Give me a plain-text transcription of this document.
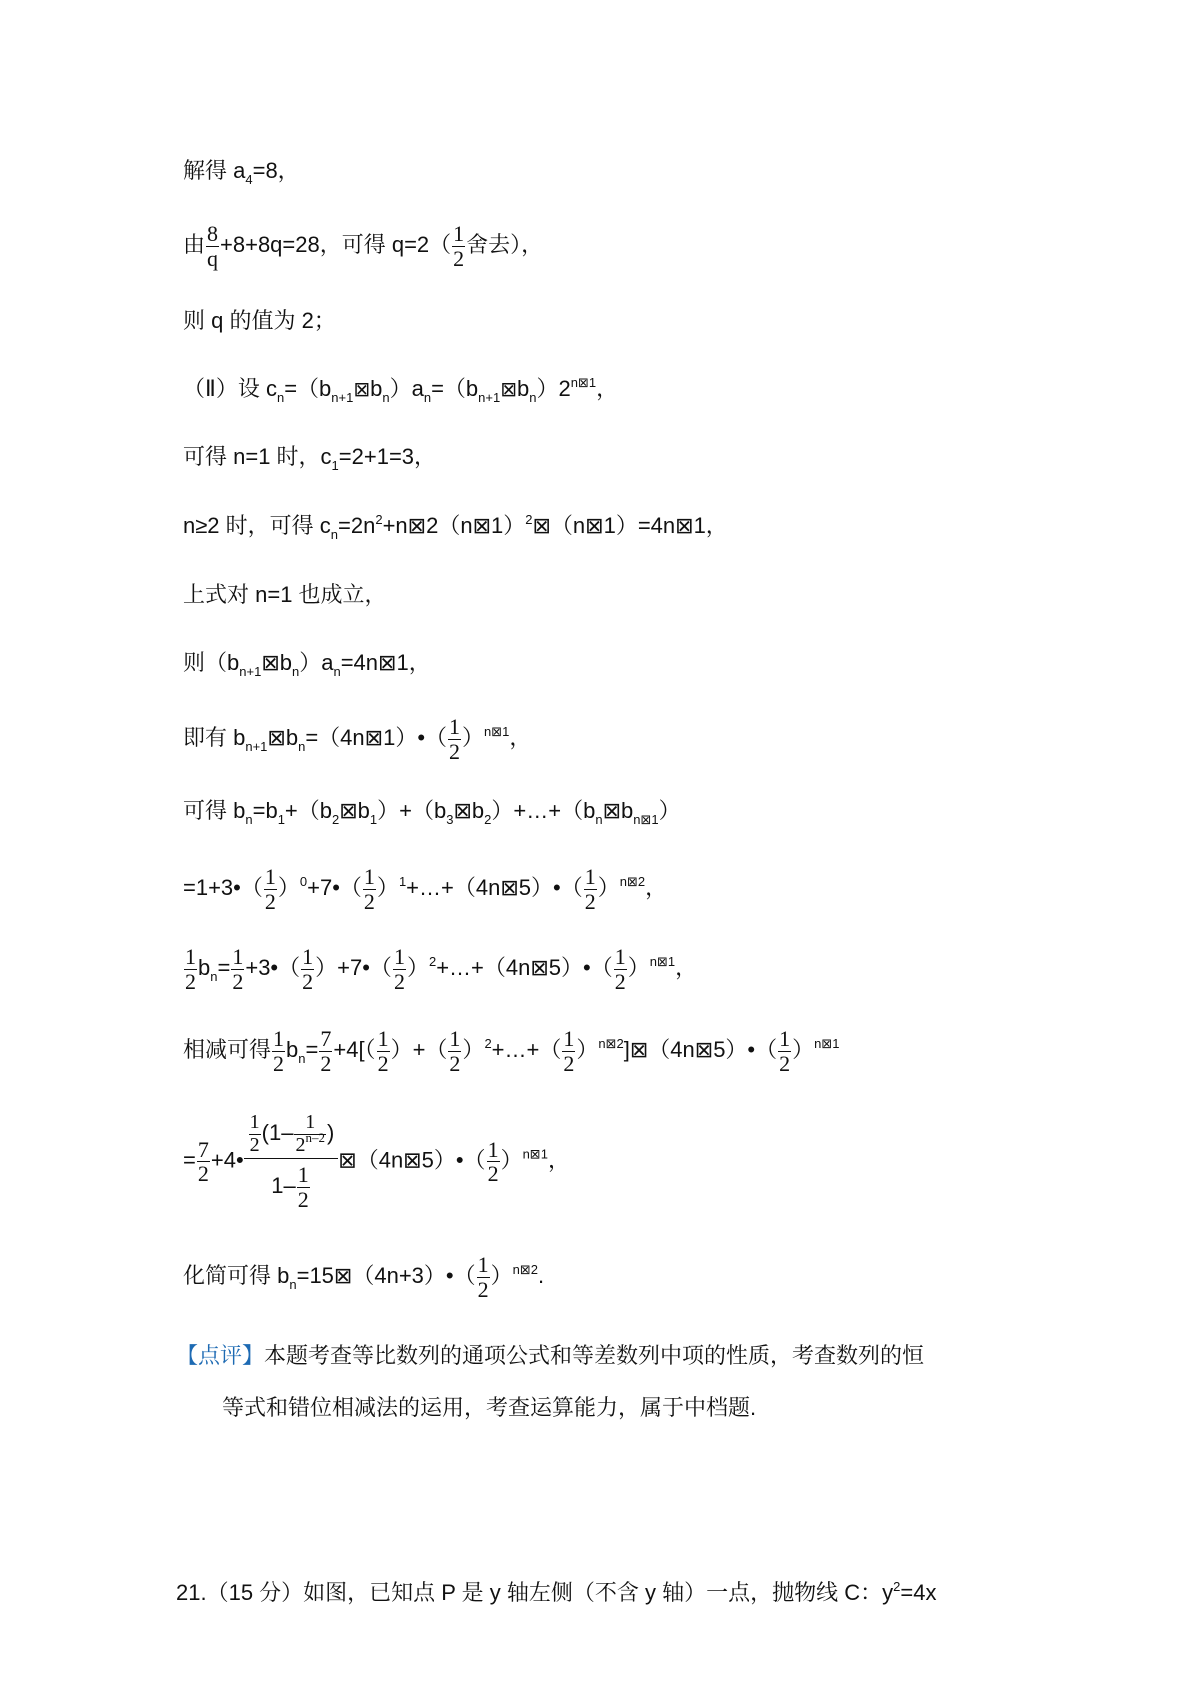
解得 $a_4=8$，
由 $\frac{8}{q} +8+8q=28$，可得 $q=2( \frac{1}{2}$ 舍去），
则 q 的值为 2；
（Ⅱ）设 $c_n=(b_{n+1}⊠b_n)a_n=(b_{n+1}⊠b_n)2^{n⊠1}$，
可得 n=1 时，$c_1=2+1=3$，
n≥2 时，可得 $c_n=2n^2+n⊠2(n⊠1)^2⊠(n⊠1)=4n⊠1$，
上式对 n=1 也成立，
则$(b_{n+1}⊠b_n)a_n=4n⊠1$，
即有 $b_{n+1}⊠b_n=(4n⊠1)•( \frac{1}{2} )^{n⊠1}$，
可得 $b_n=b_1+(b_2⊠b_1)+(b_3⊠b_2)+\dots+(b_n⊠b_{n⊠1})$
=1+3•（ $\frac{1}{2}$ ）$^0$+7•（ $\frac{1}{2}$ ）$^1$+…+（4n⊠5）•（ $\frac{1}{2} )^{n⊠2}$，
$\frac{1}{2} b_n= \frac{1}{2}$ +3•（ $\frac{1}{2}$ ）+7•（ $\frac{1}{2}$ ）$^2$+…+（4n⊠5）•（ $\frac{1}{2} )^{n⊠1}$，
相减可得 $\frac{1}{2} b_n= \frac{7}{2} +4[( \frac{1}{2}$ ）+（ $\frac{1}{2}$ ）$^2$+…+（ $\frac{1}{2}$ ）$^{n⊠2}$]⊠（4n⊠5）•（ $\frac{1}{2} )^{n⊠1}$
= $\frac{7}{2}$ +4• $\frac{\frac{1}{2} (1- \frac{1}{2^{n-2}} )}{1- \frac{1}{2}}$ ⊠（4n⊠5）•（ $\frac{1}{2} )^{n⊠1}$，
化简可得 $b_n=15⊠(4n+3)•( \frac{1}{2} )^{n⊠2}$.
【点评】本题考查等比数列的通项公式和等差数列中项的性质，考查数列的恒
等式和错位相减法的运用，考查运算能力，属于中档题.
21.（15 分）如图，已知点 P 是 y 轴左侧（不含 y 轴）一点，抛物线 C：$y^2=4x$
